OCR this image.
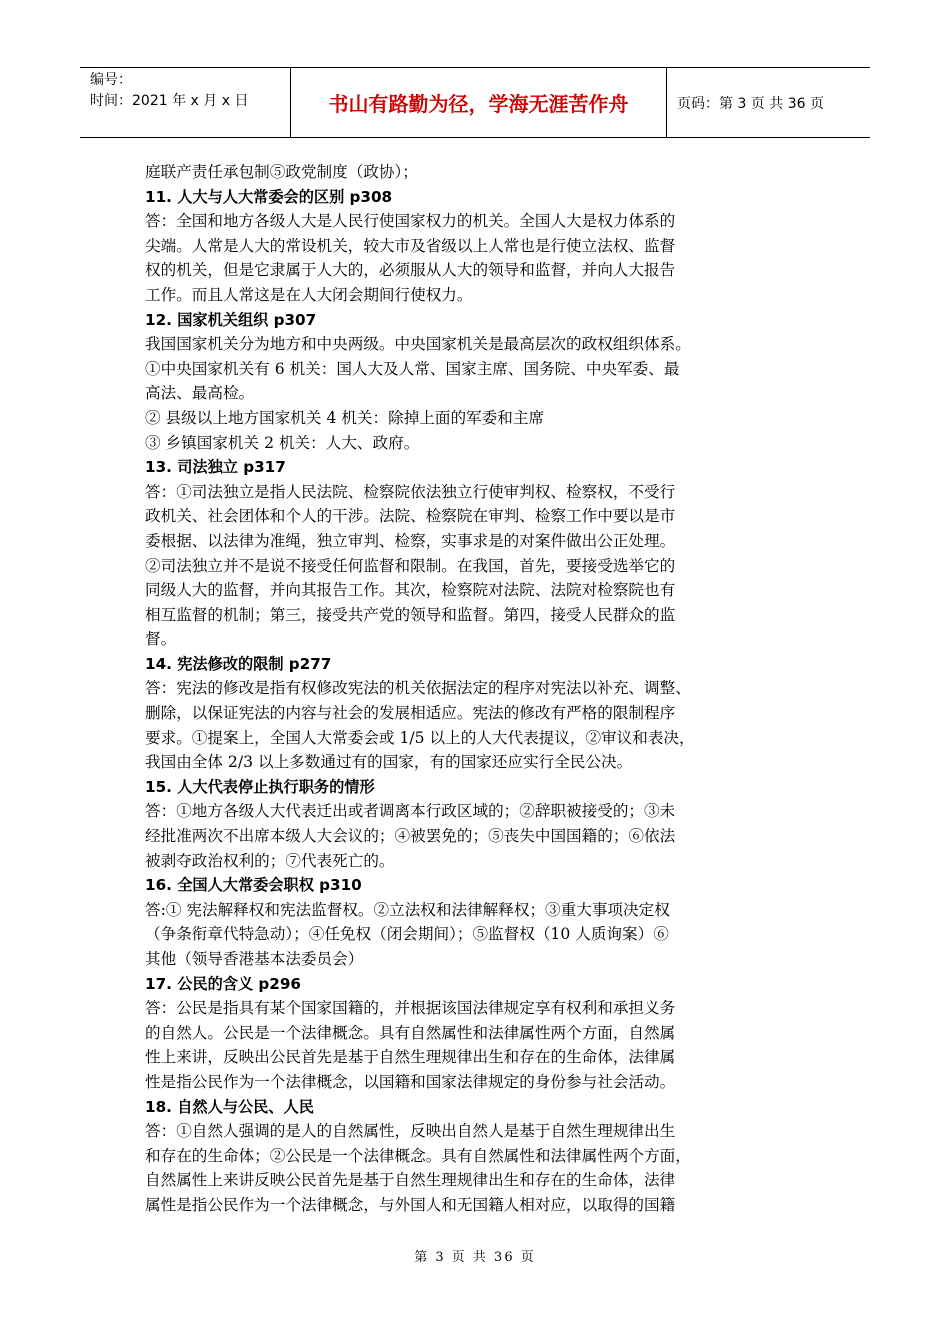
编号：
时间：2021 年 x 月 x 日	书山有路勤为径，学海无涯苦作舟	页码：第 3 页 共 36 页

庭联产责任承包制⑤政党制度（政协）；

11. 人大与人大常委会的区别 p308

答：全国和地方各级人大是人民行使国家权力的机关。全国人大是权力体系的

尖端。人常是人大的常设机关，较大市及省级以上人常也是行使立法权、监督

权的机关，但是它隶属于人大的，必须服从人大的领导和监督，并向人大报告

工作。而且人常这是在人大闭会期间行使权力。

12. 国家机关组织 p307

我国国家机关分为地方和中央两级。中央国家机关是最高层次的政权组织体系。

①中央国家机关有 6 机关：国人大及人常、国家主席、国务院、中央军委、最

高法、最高检。

② 县级以上地方国家机关 4 机关：除掉上面的军委和主席

③ 乡镇国家机关 2 机关：人大、政府。

13. 司法独立 p317

答：①司法独立是指人民法院、检察院依法独立行使审判权、检察权，不受行

政机关、社会团体和个人的干涉。法院、检察院在审判、检察工作中要以是市

委根据、以法律为准绳，独立审判、检察，实事求是的对案件做出公正处理。

②司法独立并不是说不接受任何监督和限制。在我国，首先，要接受选举它的

同级人大的监督，并向其报告工作。其次，检察院对法院、法院对检察院也有

相互监督的机制；第三，接受共产党的领导和监督。第四，接受人民群众的监

督。

14. 宪法修改的限制 p277

答：宪法的修改是指有权修改宪法的机关依据法定的程序对宪法以补充、调整、

删除，以保证宪法的内容与社会的发展相适应。宪法的修改有严格的限制程序

要求。①提案上，全国人大常委会或 1/5 以上的人大代表提议，②审议和表决，

我国由全体 2/3 以上多数通过有的国家，有的国家还应实行全民公决。

15. 人大代表停止执行职务的情形

答：①地方各级人大代表迁出或者调离本行政区域的；②辞职被接受的；③未

经批准两次不出席本级人大会议的；④被罢免的；⑤丧失中国国籍的；⑥依法

被剥夺政治权利的；⑦代表死亡的。

16. 全国人大常委会职权 p310

答:① 宪法解释权和宪法监督权。②立法权和法律解释权；③重大事项决定权

（争条衔章代特急动）；④任免权（闭会期间）；⑤监督权（10 人质询案）⑥

其他（领导香港基本法委员会）

17. 公民的含义 p296

答：公民是指具有某个国家国籍的，并根据该国法律规定享有权利和承担义务

的自然人。公民是一个法律概念。具有自然属性和法律属性两个方面，自然属

性上来讲，反映出公民首先是基于自然生理规律出生和存在的生命体，法律属

性是指公民作为一个法律概念，以国籍和国家法律规定的身份参与社会活动。

18. 自然人与公民、人民

答：①自然人强调的是人的自然属性，反映出自然人是基于自然生理规律出生

和存在的生命体；②公民是一个法律概念。具有自然属性和法律属性两个方面，

自然属性上来讲反映公民首先是基于自然生理规律出生和存在的生命体，法律

属性是指公民作为一个法律概念，与外国人和无国籍人相对应，以取得的国籍

第 3 页 共 36 页
